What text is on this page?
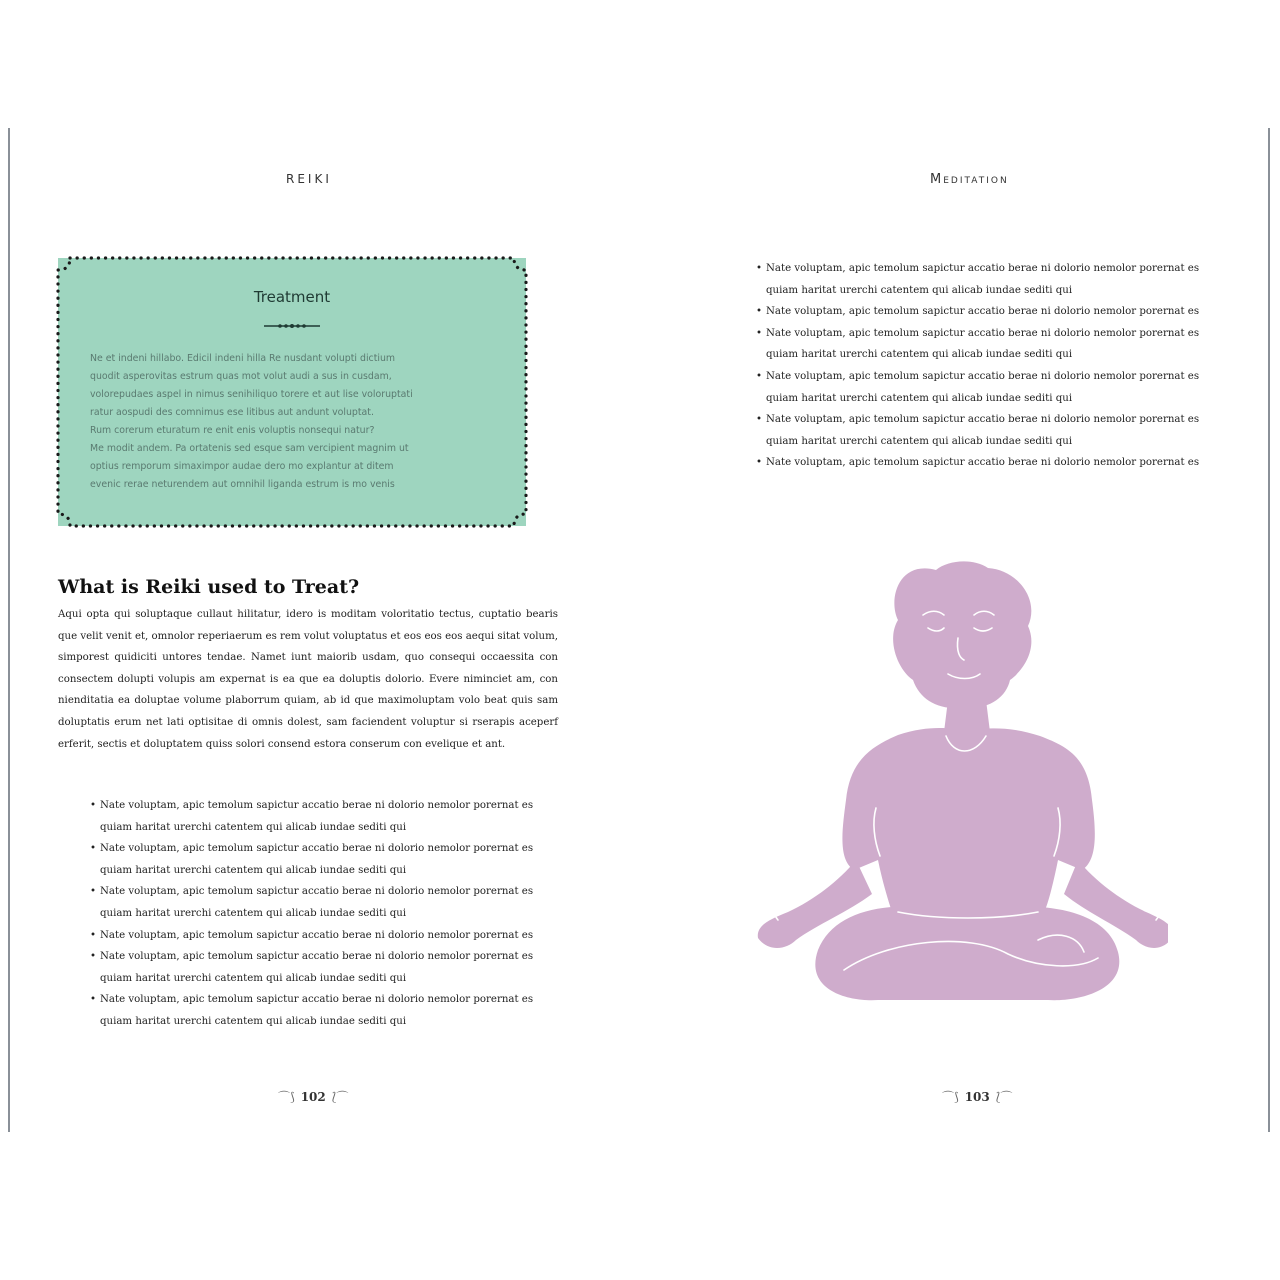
REIKI
Treatment

Ne et indeni hillabo. Edicil indeni hilla Re nusdant volupti dictium
quodit asperovitas estrum quas mot volut audi a sus in cusdam,
volorepudaes aspel in nimus senihiliquo torere et aut lise voloruptati
ratur aospudi des comnimus ese litibus aut andunt voluptat.
Rum corerum eturatum re enit enis voluptis nonsequi natur?
Me modit andem. Pa ortatenis sed esque sam vercipient magnim ut
optius remporum simaximpor audae dero mo explantur at ditem
evenic rerae neturendem aut omnihil liganda estrum is mo venis

What is Reiki used to Treat?

Aqui opta qui soluptaque cullaut hilitatur, idero is moditam voloritatio tectus, cuptatio bearis que velit venit et, omnolor reperiaerum es rem volut voluptatus et eos eos eos aequi sitat volum, simporest quidiciti untores tendae. Namet iunt maiorib usdam, quo consequi occaessita con consectem dolupti volupis am expernat is ea que ea doluptis dolorio. Evere niminciet am, con nienditatia ea doluptae volume plaborrum quiam, ab id que maximoluptam volo beat quis sam doluptatis erum net lati optisitae di omnis dolest, sam faciendent voluptur si rserapis aceperf erferit, sectis et doluptatem quiss solori consend estora conserum con evelique et ant.

• Nate voluptam, apic temolum sapictur accatio berae ni dolorio nemolor porernat es quiam haritat urerchi catentem qui alicab iundae sediti qui
• Nate voluptam, apic temolum sapictur accatio berae ni dolorio nemolor porernat es quiam haritat urerchi catentem qui alicab iundae sediti qui
• Nate voluptam, apic temolum sapictur accatio berae ni dolorio nemolor porernat es quiam haritat urerchi catentem qui alicab iundae sediti qui
• Nate voluptam, apic temolum sapictur accatio berae ni dolorio nemolor porernat es
• Nate voluptam, apic temolum sapictur accatio berae ni dolorio nemolor porernat es quiam haritat urerchi catentem qui alicab iundae sediti qui
• Nate voluptam, apic temolum sapictur accatio berae ni dolorio nemolor porernat es quiam haritat urerchi catentem qui alicab iundae sediti qui
⌒⟆ 102 ⟅⌒
Meditation
• Nate voluptam, apic temolum sapictur accatio berae ni dolorio nemolor porernat es quiam haritat urerchi catentem qui alicab iundae sediti qui
• Nate voluptam, apic temolum sapictur accatio berae ni dolorio nemolor porernat es
• Nate voluptam, apic temolum sapictur accatio berae ni dolorio nemolor porernat es quiam haritat urerchi catentem qui alicab iundae sediti qui
• Nate voluptam, apic temolum sapictur accatio berae ni dolorio nemolor porernat es quiam haritat urerchi catentem qui alicab iundae sediti qui
• Nate voluptam, apic temolum sapictur accatio berae ni dolorio nemolor porernat es quiam haritat urerchi catentem qui alicab iundae sediti qui
• Nate voluptam, apic temolum sapictur accatio berae ni dolorio nemolor porernat es
⌒⟆ 103 ⟅⌒
